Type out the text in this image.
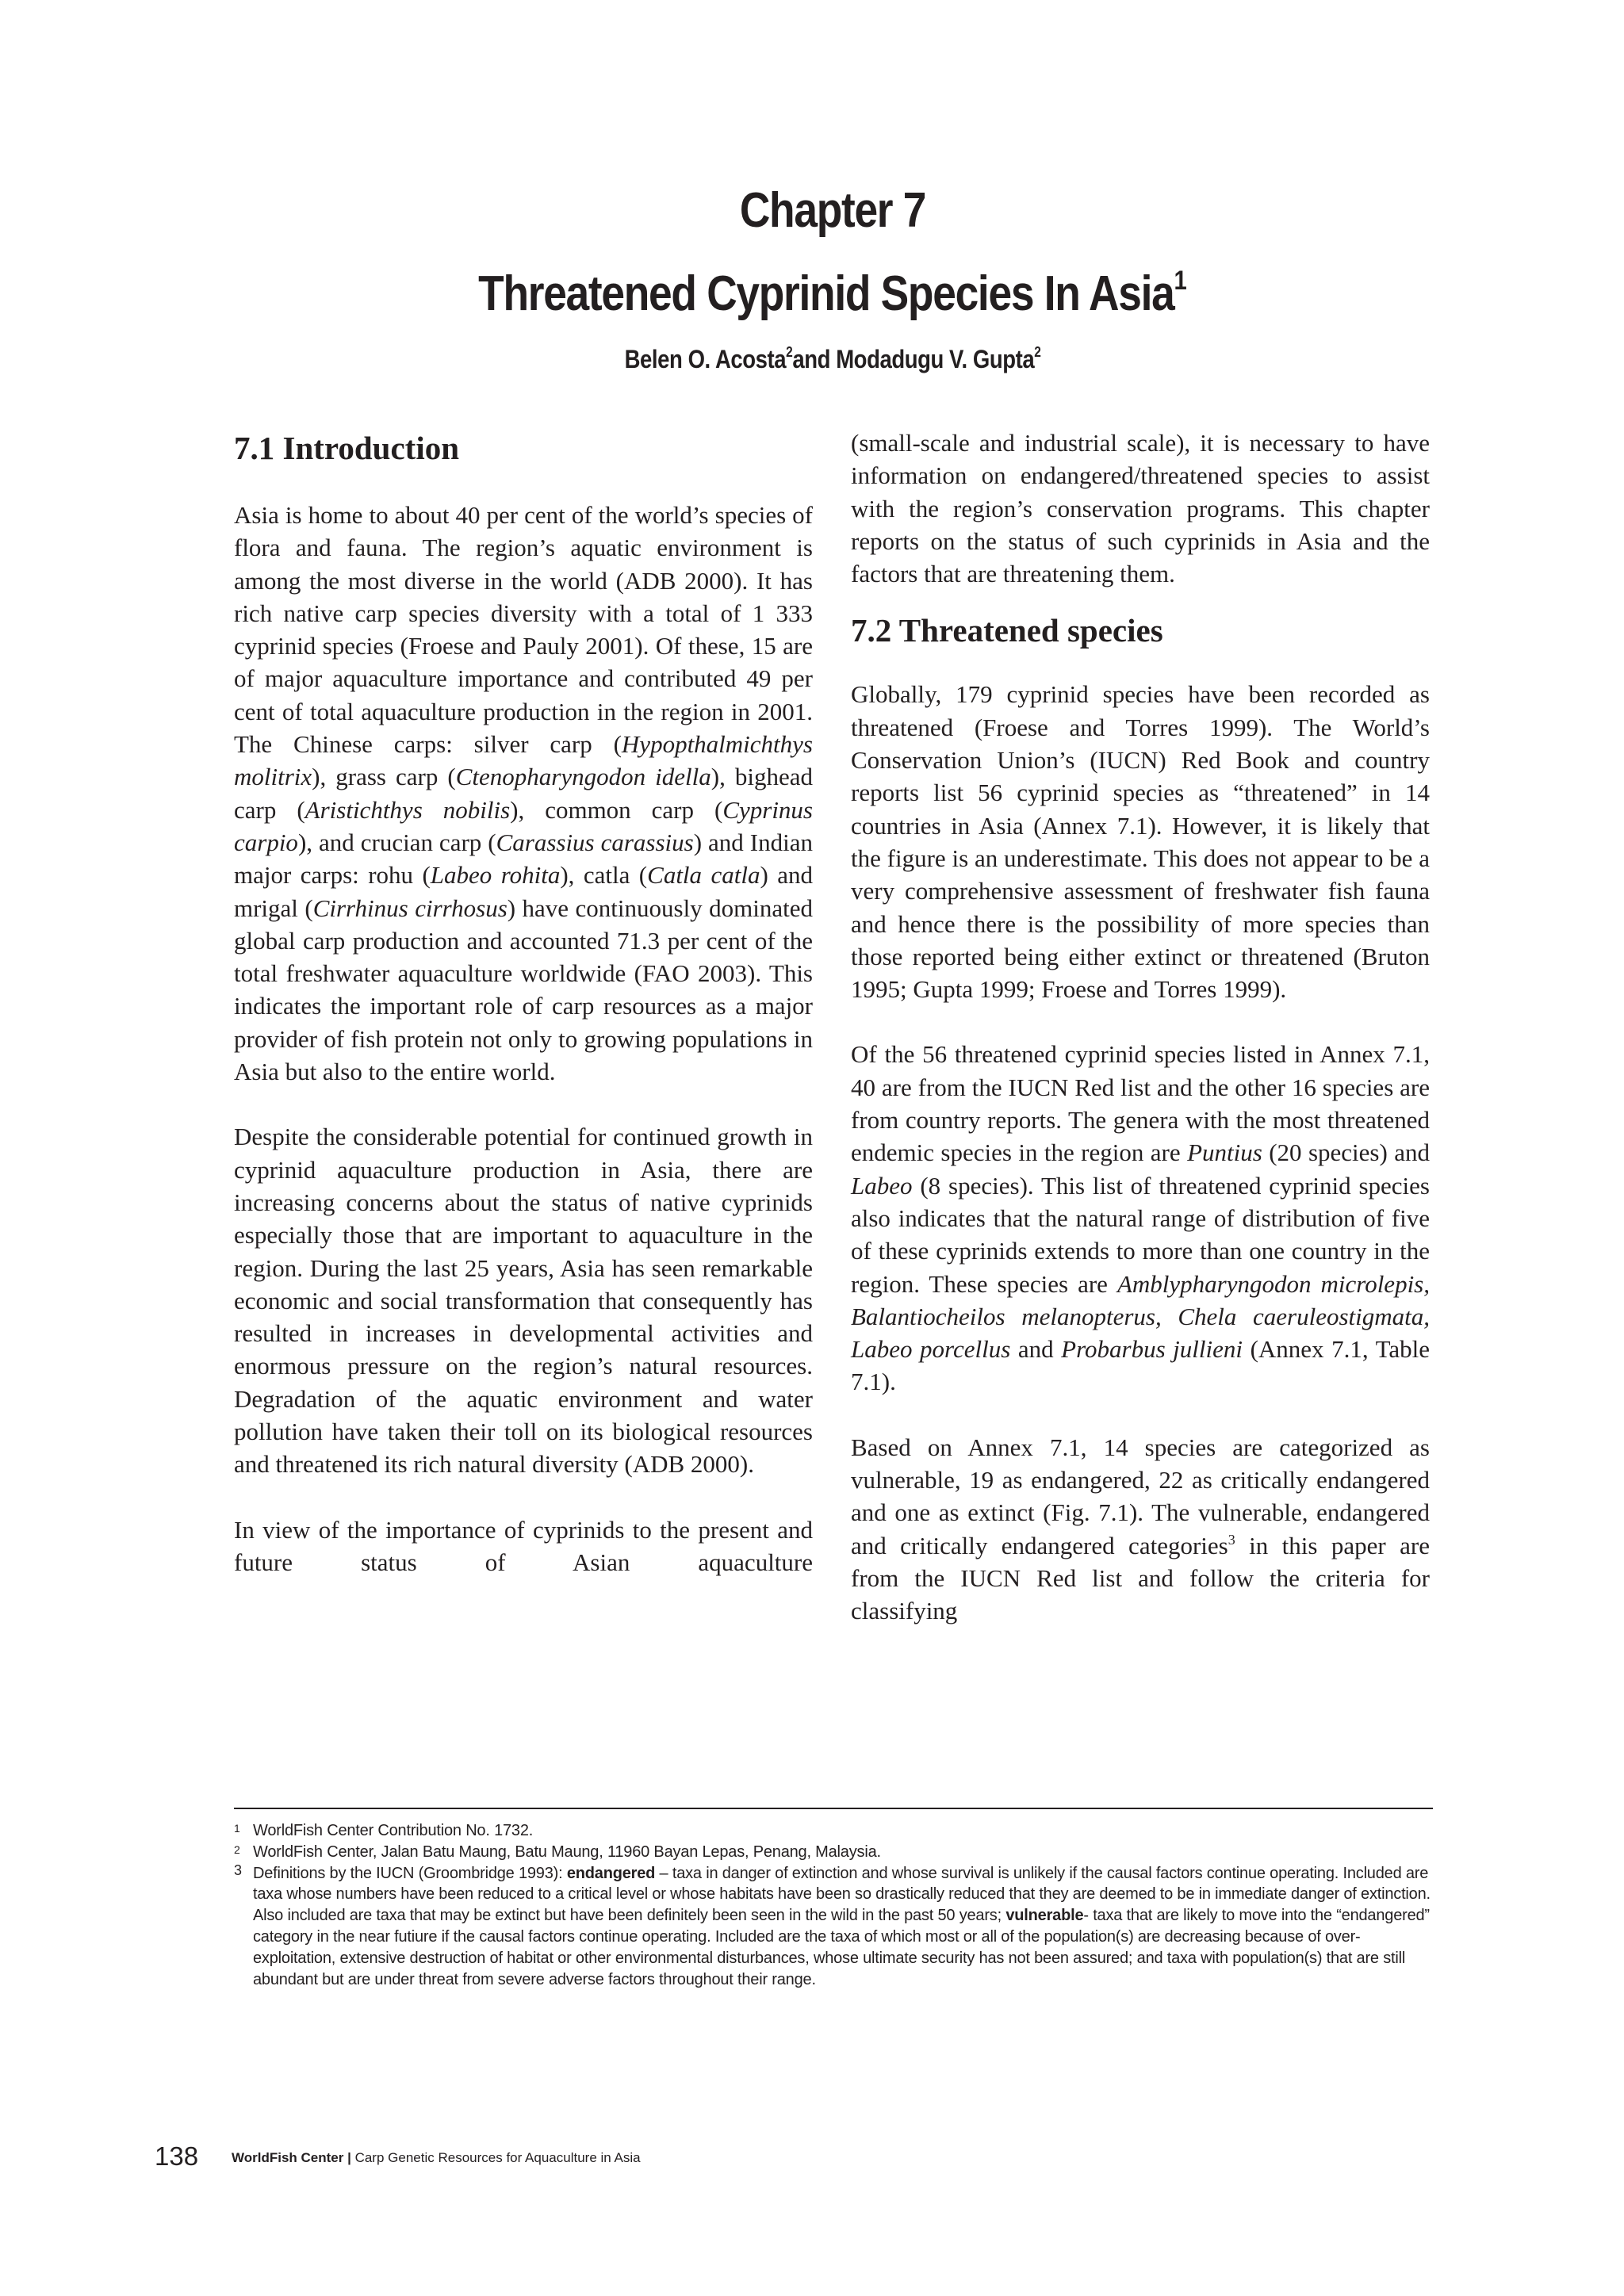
Chapter 7
Threatened Cyprinid Species In Asia$^1$
Belen O. Acosta$^2$and Modadugu V. Gupta$^2$
7.1 Introduction

Asia is home to about 40 per cent of the world’s species of flora and fauna. The region’s aquatic environment is among the most diverse in the world (ADB 2000). It has rich native carp species diversity with a total of 1 333 cyprinid species (Froese and Pauly 2001). Of these, 15 are of major aquaculture importance and contributed 49 per cent of total aquaculture production in the region in 2001. The Chinese carps: silver carp (Hypopthalmichthys molitrix), grass carp (Ctenopharyngodon idella), bighead carp (Aristichthys nobilis), common carp (Cyprinus carpio), and crucian carp (Carassius carassius) and Indian major carps: rohu (Labeo rohita), catla (Catla catla) and mrigal (Cirrhinus cirrhosus) have continuously dominated global carp production and accounted 71.3 per cent of the total freshwater aquaculture worldwide (FAO 2003). This indicates the important role of carp resources as a major provider of fish protein not only to growing populations in Asia but also to the entire world.

Despite the considerable potential for continued growth in cyprinid aquaculture production in Asia, there are increasing concerns about the status of native cyprinids especially those that are important to aquaculture in the region. During the last 25 years, Asia has seen remarkable economic and social transformation that consequently has resulted in increases in developmental activities and enormous pressure on the region’s natural resources. Degradation of the aquatic environment and water pollution have taken their toll on its biological resources and threatened its rich natural diversity (ADB 2000).

In view of the importance of cyprinids to the present and future status of Asian aquaculture

(small-scale and industrial scale), it is necessary to have information on endangered/threatened species to assist with the region’s conservation programs. This chapter reports on the status of such cyprinids in Asia and the factors that are threatening them.

7.2 Threatened species

Globally, 179 cyprinid species have been recorded as threatened (Froese and Torres 1999). The World’s Conservation Union’s (IUCN) Red Book and country reports list 56 cyprinid species as “threatened” in 14 countries in Asia (Annex 7.1). However, it is likely that the figure is an underestimate. This does not appear to be a very comprehensive assessment of freshwater fish fauna and hence there is the possibility of more species than those reported being either extinct or threatened (Bruton 1995; Gupta 1999; Froese and Torres 1999).

Of the 56 threatened cyprinid species listed in Annex 7.1, 40 are from the IUCN Red list and the other 16 species are from country reports. The genera with the most threatened endemic species in the region are Puntius (20 species) and Labeo (8 species). This list of threatened cyprinid species also indicates that the natural range of distribution of five of these cyprinids extends to more than one country in the region. These species are Amblypharyngodon microlepis, Balantiocheilos melanopterus, Chela caeruleostigmata, Labeo porcellus and Probarbus jullieni (Annex 7.1, Table 7.1).

Based on Annex 7.1, 14 species are categorized as vulnerable, 19 as endangered, 22 as critically endangered and one as extinct (Fig. 7.1). The vulnerable, endangered and critically endangered categories$^3$ in this paper are from the IUCN Red list and follow the criteria for classifying

1 WorldFish Center Contribution No. 1732.
2 WorldFish Center, Jalan Batu Maung, Batu Maung, 11960 Bayan Lepas, Penang, Malaysia.
3 Definitions by the IUCN (Groombridge 1993): endangered – taxa in danger of extinction and whose survival is unlikely if the causal factors continue operating. Included are taxa whose numbers have been reduced to a critical level or whose habitats have been so drastically reduced that they are deemed to be in immediate danger of extinction. Also included are taxa that may be extinct but have been definitely been seen in the wild in the past 50 years; vulnerable- taxa that are likely to move into the “endangered” category in the near futiure if the causal factors continue operating. Included are the taxa of which most or all of the population(s) are decreasing because of over-exploitation, extensive destruction of habitat or other environmental disturbances, whose ultimate security has not been assured; and taxa with population(s) that are still abundant but are under threat from severe adverse factors throughout their range.
138 WorldFish Center | Carp Genetic Resources for Aquaculture in Asia
